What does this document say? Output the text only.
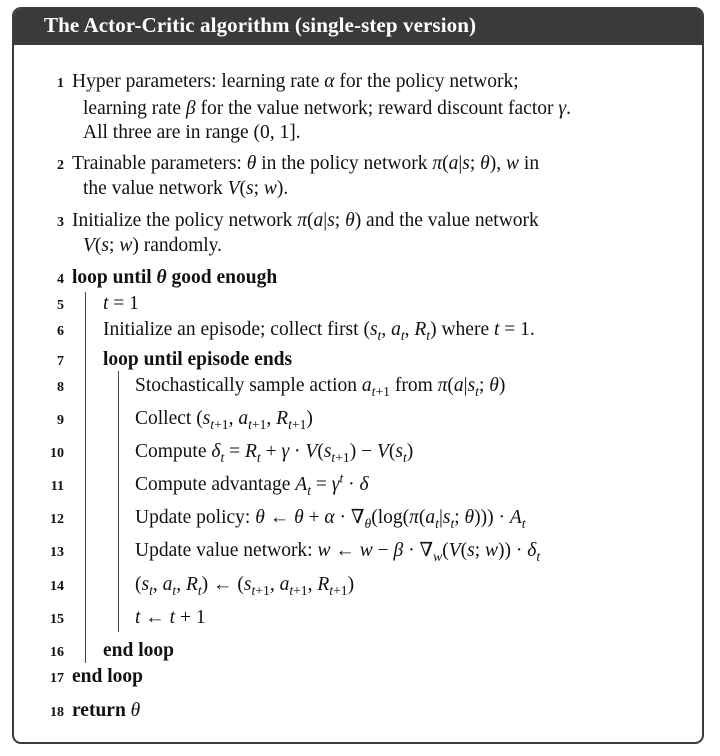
The Actor-Critic algorithm (single-step version)
1 Hyper parameters: learning rate α for the policy network;
learning rate β for the value network; reward discount factor γ.
All three are in range (0, 1].
2 Trainable parameters: θ in the policy network π(a|s; θ), w in
the value network V(s; w).
3 Initialize the policy network π(a|s; θ) and the value network
V(s; w) randomly.
4 loop until θ good enough
5 t = 1
6 Initialize an episode; collect first ($s_t$, $a_t$, $R_t$) where t = 1.
7 loop until episode ends
8	Stochastically sample action $a_{t+1}$ from $\pi(a|s_t$; θ)
9	Collect ($s_{t+1}$, $a_{t+1}$, $R_{t+1}$)
10	Compute $\delta_t = R_t + \gamma \cdot V(s_{t+1}) - V(s_t)$
11	Compute advantage $A_t = \gamma^t \cdot \delta$
12	Update policy: θ ← $\theta + \alpha \cdot \nabla_\theta(\log(\pi(a_t|s_t$; $\theta))) \cdot A_t$
13	Update value network: w ← $w - \beta \cdot \nabla_w(V(s$; $w)) \cdot \delta_t$
14	($s_t$, $a_t$, $R_t$) ← ($s_{t+1}$, $a_{t+1}$, $R_{t+1}$)
15	t ← t + 1
16 end loop
17 end loop
18 return θ
